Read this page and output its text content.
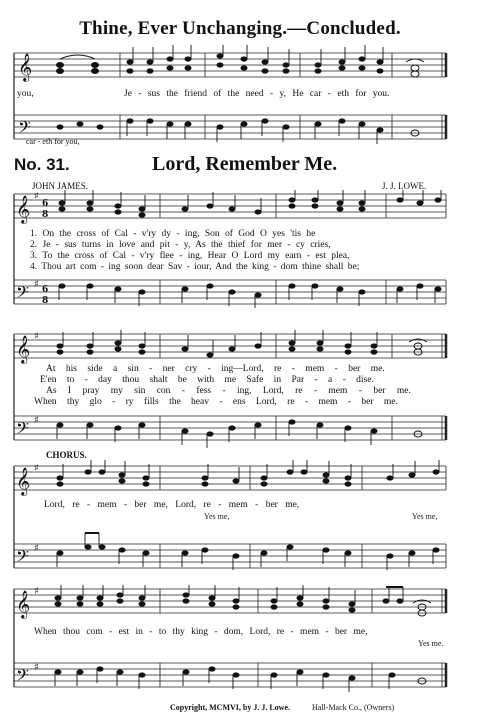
Thine, Ever Unchanging.—Concluded.
𝄞
𝄢
you,	Je - sus the friend of the need - y, He car - eth for you.
car - eth for you,
No. 31.	Lord, Remember Me.
JOHN JAMES.	J. J. LOWE.
𝄞
𝄢
♯
♯
6
8
6
8
1. On the cross of Cal - v'ry dy - ing, Son of God O yes 'tis he
2. Je - sus turns in love and pit - y, As the thief for mer - cy cries,
3. To the cross of Cal - v'ry flee - ing, Hear O Lord my earn - est plea,
4. Thou art com - ing soon dear Sav - iour, And the king - dom thine shall be;
𝄞 ♯
𝄢 ♯
At his side a sin - ner cry - ing—Lord, re - mem - ber me.
E'en to - day thou shalt be with me Safe in Par - a - dise.
As I pray my sin con - fess - ing, Lord, re - mem - ber me.
When thy glo - ry fills the heav - ens Lord, re - mem - ber me.
CHORUS.
𝄞 ♯
𝄢 ♯
Lord, re - mem - ber me, Lord, re - mem - ber me,
Yes me,	Yes me,
𝄞 ♯
𝄢 ♯
When thou com - est in - to thy king - dom, Lord, re - mem - ber me,
Yes me.
Copyright, MCMVI, by J. J. Lowe.	Hall-Mack Co., (Owners)
